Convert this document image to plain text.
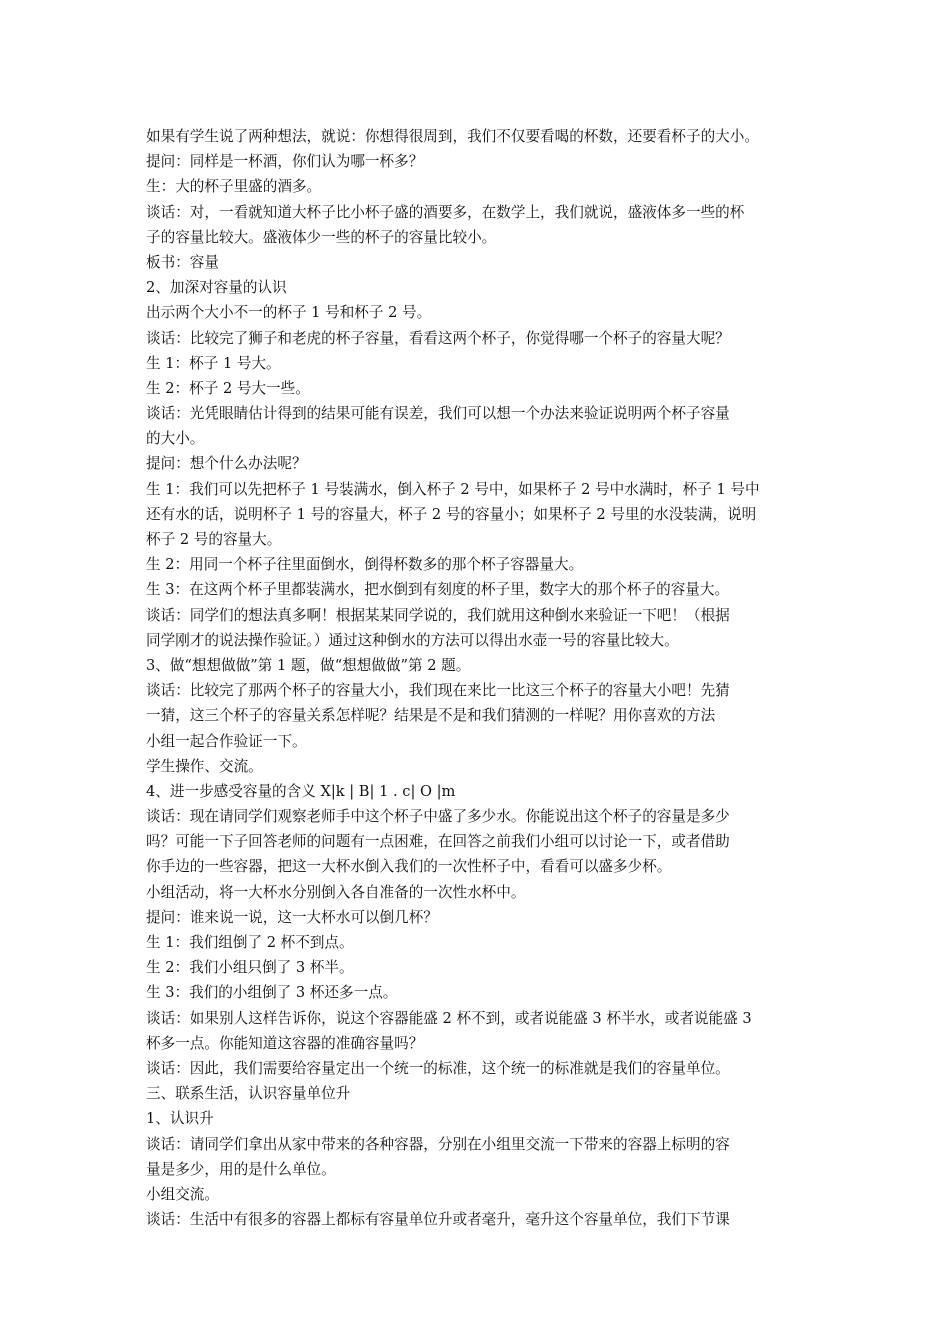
如果有学生说了两种想法，就说：你想得很周到，我们不仅要看喝的杯数，还要看杯子的大小。
提问：同样是一杯酒，你们认为哪一杯多？
生：大的杯子里盛的酒多。
谈话：对，一看就知道大杯子比小杯子盛的酒要多，在数学上，我们就说，盛液体多一些的杯
子的容量比较大。盛液体少一些的杯子的容量比较小。
板书：容量
2、加深对容量的认识
出示两个大小不一的杯子 1 号和杯子 2 号。
谈话：比较完了狮子和老虎的杯子容量，看看这两个杯子，你觉得哪一个杯子的容量大呢？
生 1：杯子 1 号大。
生 2：杯子 2 号大一些。
谈话：光凭眼睛估计得到的结果可能有误差，我们可以想一个办法来验证说明两个杯子容量
的大小。
提问：想个什么办法呢？
生 1：我们可以先把杯子 1 号装满水，倒入杯子 2 号中，如果杯子 2 号中水满时，杯子 1 号中
还有水的话，说明杯子 1 号的容量大，杯子 2 号的容量小；如果杯子 2 号里的水没装满，说明
杯子 2 号的容量大。
生 2：用同一个杯子往里面倒水，倒得杯数多的那个杯子容器量大。
生 3：在这两个杯子里都装满水，把水倒到有刻度的杯子里，数字大的那个杯子的容量大。
谈话：同学们的想法真多啊！根据某某同学说的，我们就用这种倒水来验证一下吧！（根据
同学刚才的说法操作验证。）通过这种倒水的方法可以得出水壶一号的容量比较大。
3、做“想想做做”第 1 题，做“想想做做”第 2 题。
谈话：比较完了那两个杯子的容量大小，我们现在来比一比这三个杯子的容量大小吧！先猜
一猜，这三个杯子的容量关系怎样呢？结果是不是和我们猜测的一样呢？用你喜欢的方法
小组一起合作验证一下。
学生操作、交流。
4、进一步感受容量的含义 X|k | B| 1 . c| O |m
谈话：现在请同学们观察老师手中这个杯子中盛了多少水。你能说出这个杯子的容量是多少
吗？可能一下子回答老师的问题有一点困难，在回答之前我们小组可以讨论一下，或者借助
你手边的一些容器，把这一大杯水倒入我们的一次性杯子中，看看可以盛多少杯。
小组活动，将一大杯水分别倒入各自准备的一次性水杯中。
提问：谁来说一说，这一大杯水可以倒几杯？
生 1：我们组倒了 2 杯不到点。
生 2：我们小组只倒了 3 杯半。
生 3：我们的小组倒了 3 杯还多一点。
谈话：如果别人这样告诉你，说这个容器能盛 2 杯不到，或者说能盛 3 杯半水，或者说能盛 3
杯多一点。你能知道这容器的准确容量吗？
谈话：因此，我们需要给容量定出一个统一的标准，这个统一的标准就是我们的容量单位。
三、联系生活，认识容量单位升
1、认识升
谈话：请同学们拿出从家中带来的各种容器，分别在小组里交流一下带来的容器上标明的容
量是多少，用的是什么单位。
小组交流。
谈话：生活中有很多的容器上都标有容量单位升或者毫升，毫升这个容量单位，我们下节课
